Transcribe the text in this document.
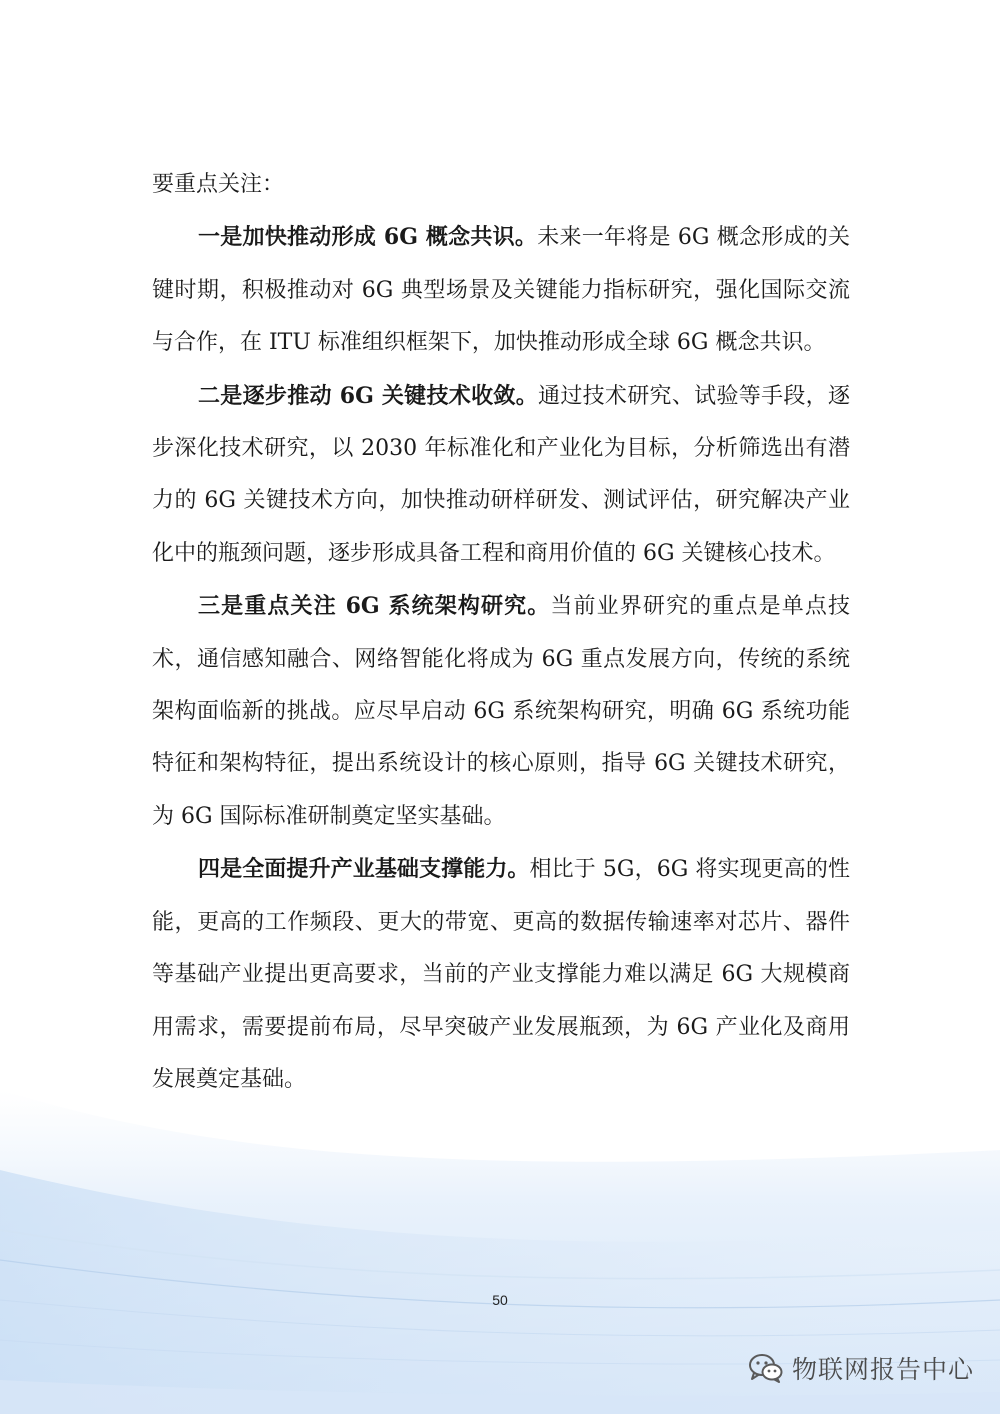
要重点关注：

一是加快推动形成 6G 概念共识。未来一年将是 6G 概念形成的关键时期，积极推动对 6G 典型场景及关键能力指标研究，强化国际交流与合作，在 ITU 标准组织框架下，加快推动形成全球 6G 概念共识。

二是逐步推动 6G 关键技术收敛。通过技术研究、试验等手段，逐步深化技术研究，以 2030 年标准化和产业化为目标，分析筛选出有潜力的 6G 关键技术方向，加快推动研样研发、测试评估，研究解决产业化中的瓶颈问题，逐步形成具备工程和商用价值的 6G 关键核心技术。

三是重点关注 6G 系统架构研究。当前业界研究的重点是单点技术，通信感知融合、网络智能化将成为 6G 重点发展方向，传统的系统架构面临新的挑战。应尽早启动 6G 系统架构研究，明确 6G 系统功能特征和架构特征，提出系统设计的核心原则，指导 6G 关键技术研究，为 6G 国际标准研制奠定坚实基础。

四是全面提升产业基础支撑能力。相比于 5G，6G 将实现更高的性能，更高的工作频段、更大的带宽、更高的数据传输速率对芯片、器件等基础产业提出更高要求，当前的产业支撑能力难以满足 6G 大规模商用需求，需要提前布局，尽早突破产业发展瓶颈，为 6G 产业化及商用发展奠定基础。

50
物联网报告中心
